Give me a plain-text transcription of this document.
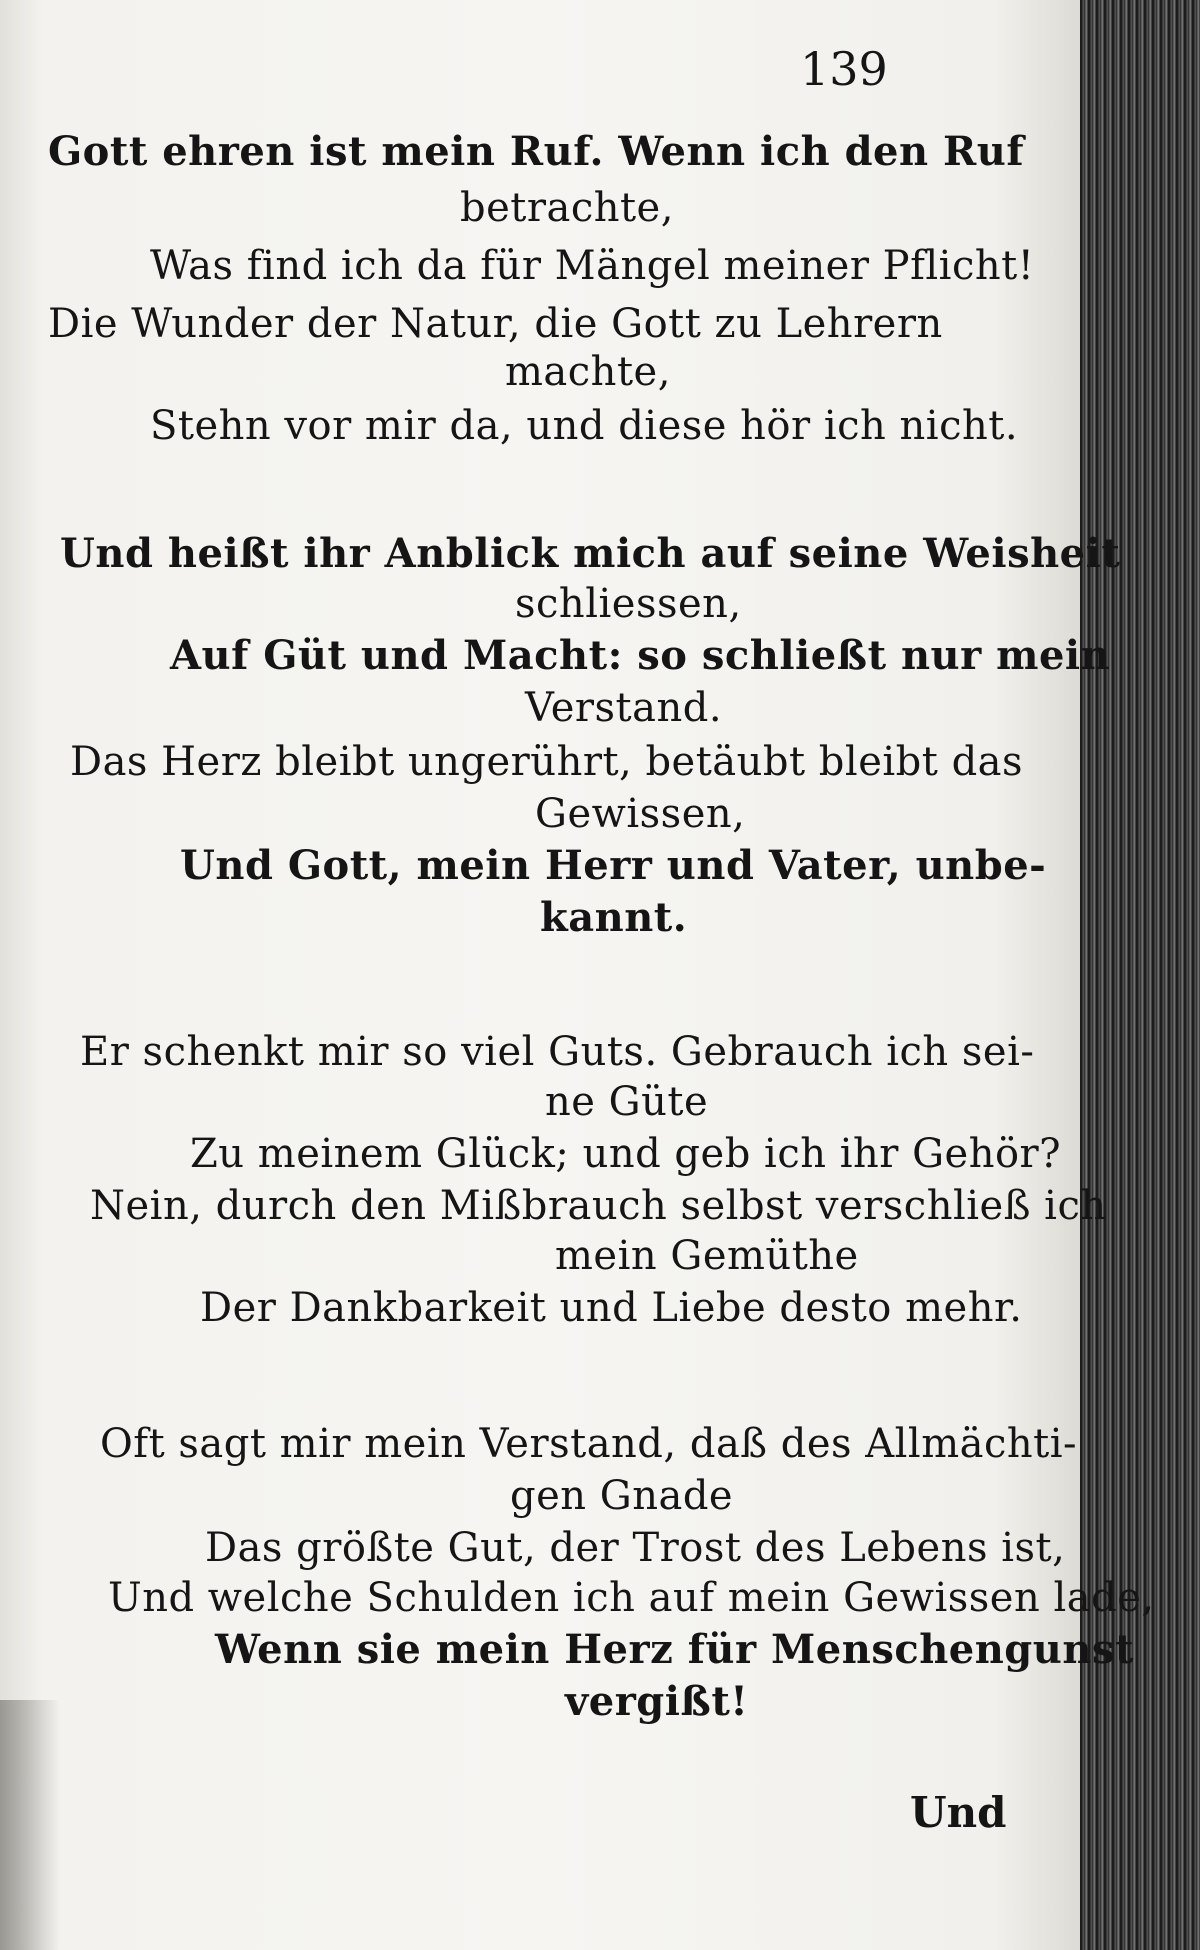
139
Gott ehren ist mein Ruf. Wenn ich den Ruf
betrachte,
Was find ich da für Mängel meiner Pflicht!
Die Wunder der Natur, die Gott zu Lehrern
machte,
Stehn vor mir da, und diese hör ich nicht.
Und heißt ihr Anblick mich auf seine Weisheit
schliessen,
Auf Güt und Macht: so schließt nur mein
Verstand.
Das Herz bleibt ungerührt, betäubt bleibt das
Gewissen,
Und Gott, mein Herr und Vater, unbe-
kannt.
Er schenkt mir so viel Guts. Gebrauch ich sei-
ne Güte
Zu meinem Glück; und geb ich ihr Gehör?
Nein, durch den Mißbrauch selbst verschließ ich
mein Gemüthe
Der Dankbarkeit und Liebe desto mehr.
Oft sagt mir mein Verstand, daß des Allmächti-
gen Gnade
Das größte Gut, der Trost des Lebens ist,
Und welche Schulden ich auf mein Gewissen lade,
Wenn sie mein Herz für Menschengunst
vergißt!
Und
